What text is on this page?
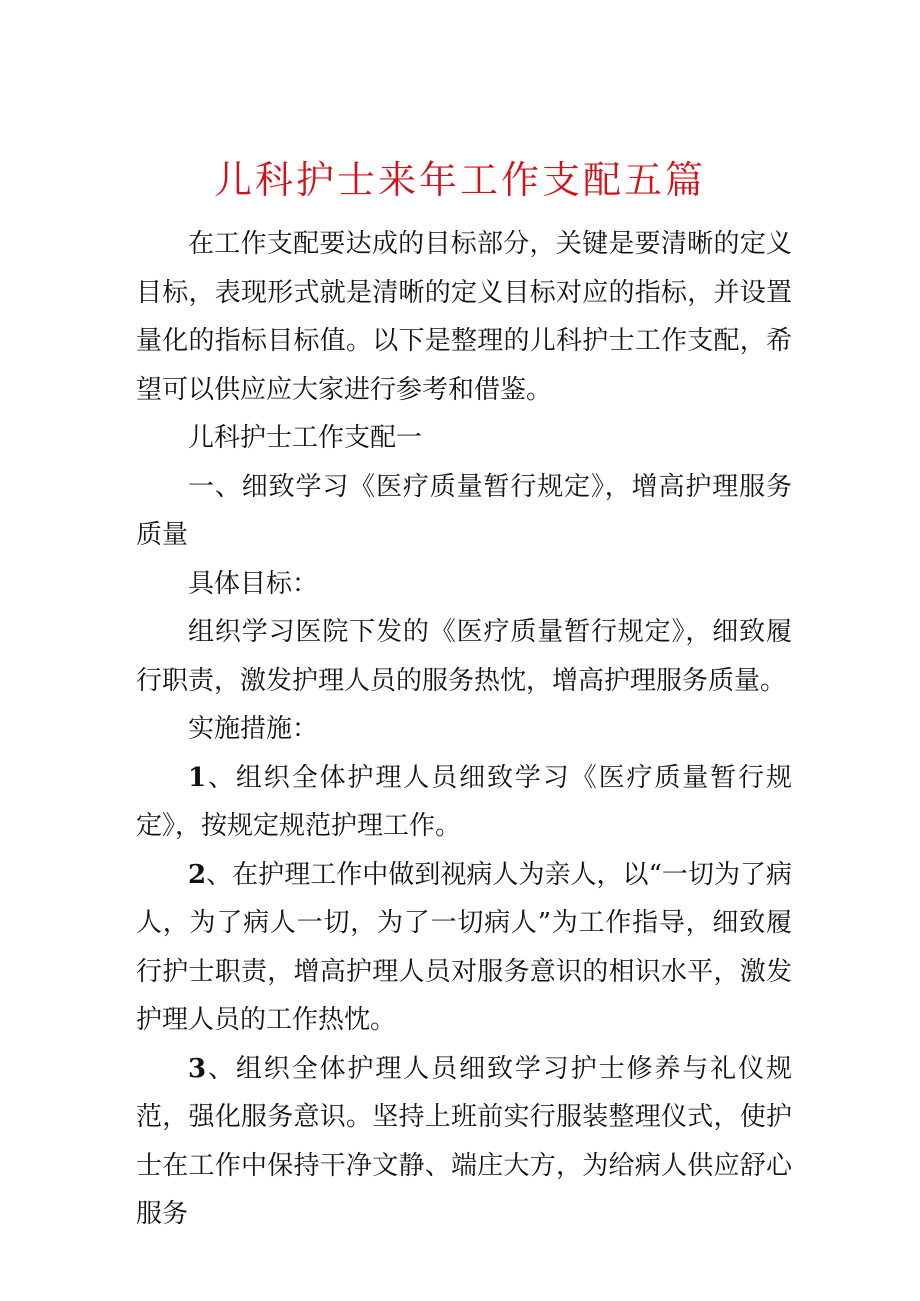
儿科护士来年工作支配五篇

在工作支配要达成的目标部分，关键是要清晰的定义目标，表现形式就是清晰的定义目标对应的指标，并设置量化的指标目标值。以下是整理的儿科护士工作支配，希望可以供应应大家进行参考和借鉴。

儿科护士工作支配一

一、细致学习《医疗质量暂行规定》，增高护理服务质量

具体目标：

组织学习医院下发的《医疗质量暂行规定》，细致履行职责，激发护理人员的服务热忱，增高护理服务质量。

实施措施：

1、组织全体护理人员细致学习《医疗质量暂行规定》，按规定规范护理工作。

2、在护理工作中做到视病人为亲人，以“一切为了病人，为了病人一切，为了一切病人”为工作指导，细致履行护士职责，增高护理人员对服务意识的相识水平，激发护理人员的工作热忱。

3、组织全体护理人员细致学习护士修养与礼仪规范，强化服务意识。坚持上班前实行服装整理仪式，使护士在工作中保持干净文静、端庄大方，为给病人供应舒心服务
